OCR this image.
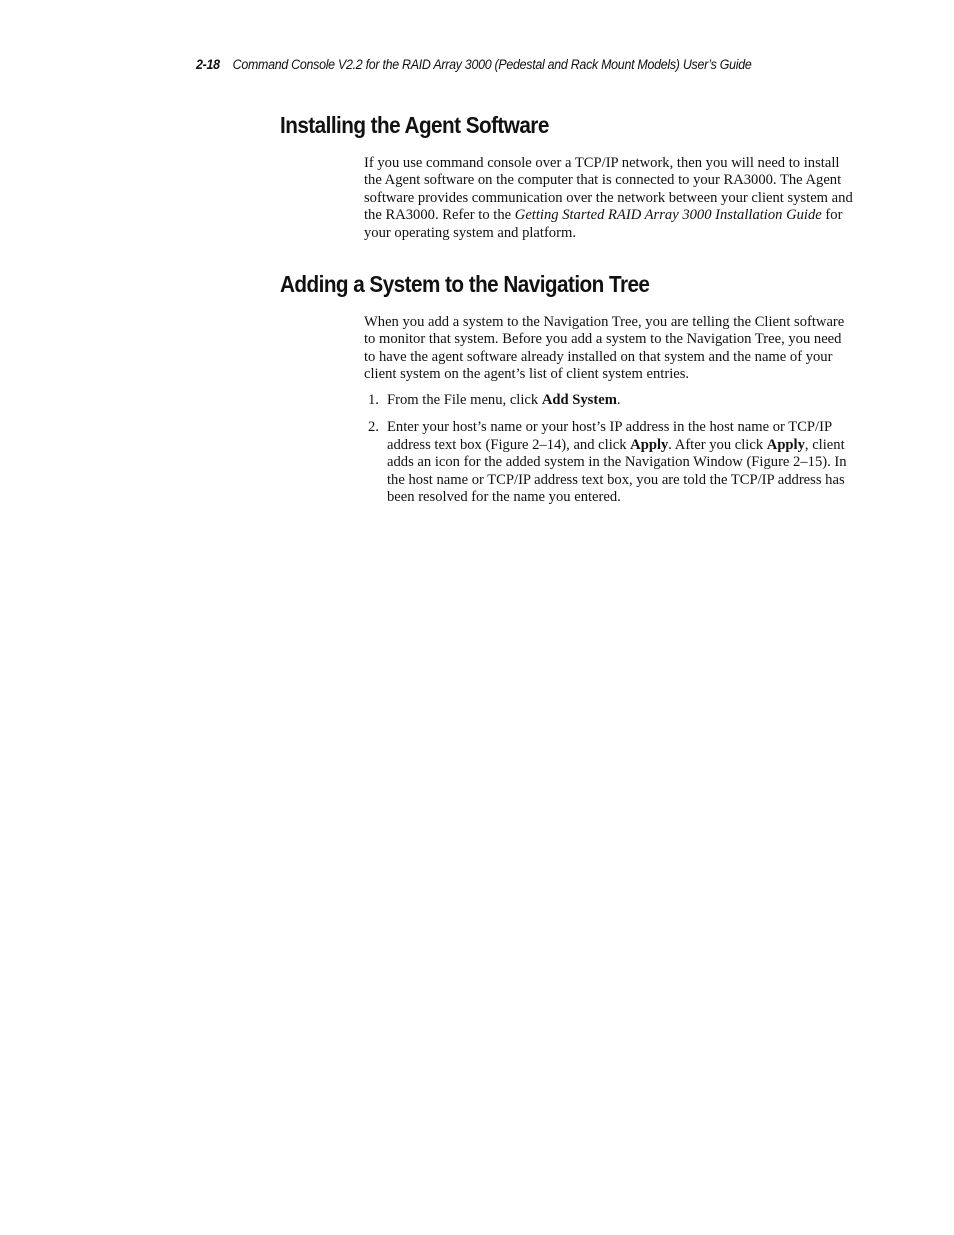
2-18 Command Console V2.2 for the RAID Array 3000 (Pedestal and Rack Mount Models) User’s Guide
Installing the Agent Software

If you use command console over a TCP/IP network, then you will need to install the Agent software on the computer that is connected to your RA3000. The Agent software provides communication over the network between your client system and the RA3000. Refer to the Getting Started RAID Array 3000 Installation Guide for your operating system and platform.

Adding a System to the Navigation Tree

When you add a system to the Navigation Tree, you are telling the Client software to monitor that system. Before you add a system to the Navigation Tree, you need to have the agent software already installed on that system and the name of your client system on the agent’s list of client system entries.

1. From the File menu, click Add System.
2. Enter your host’s name or your host’s IP address in the host name or TCP/IP address text box (Figure 2–14), and click Apply. After you click Apply, client adds an icon for the added system in the Navigation Window (Figure 2–15). In the host name or TCP/IP address text box, you are told the TCP/IP address has been resolved for the name you entered.
